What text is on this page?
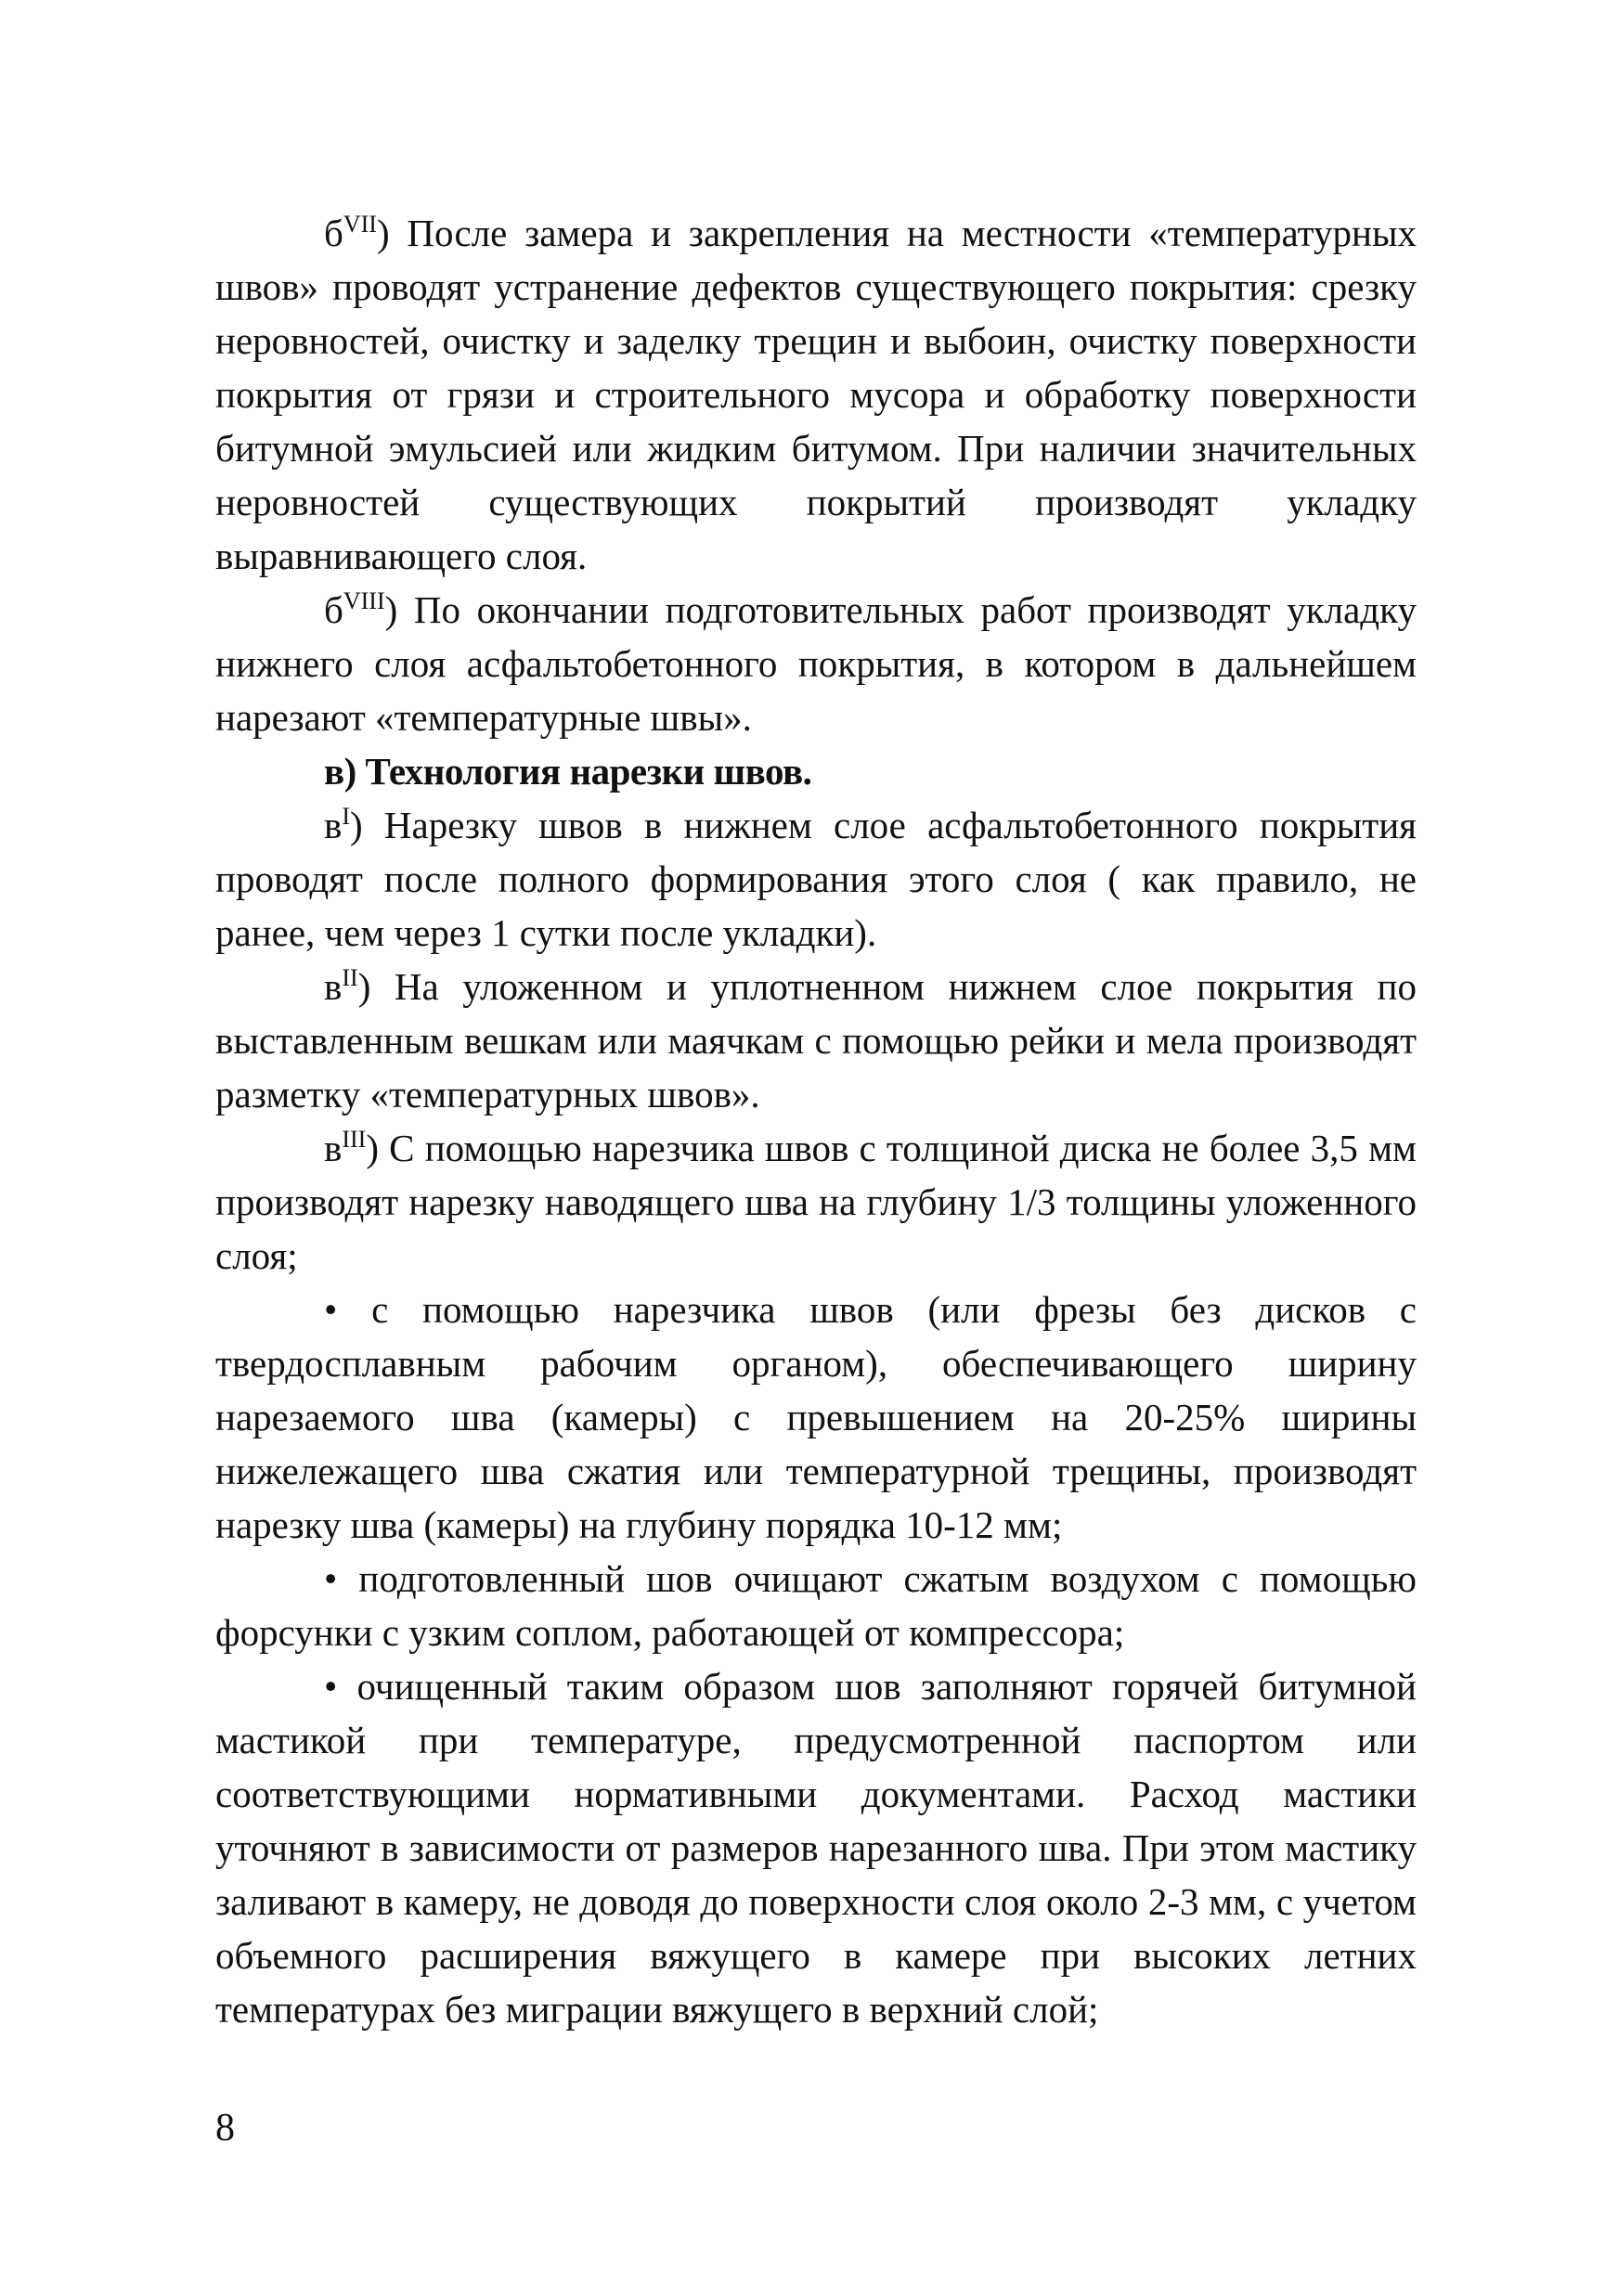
$б^{VII}$) После замера и закрепления на местности «температурных швов» проводят устранение дефектов существующего покрытия: срезку неровностей, очистку и заделку трещин и выбоин, очистку поверхности покрытия от грязи и строительного мусора и обработку поверхности битумной эмульсией или жидким битумом. При наличии значительных неровностей существующих покрытий производят укладку выравнивающего слоя.

$б^{VIII}$) По окончании подготовительных работ производят укладку нижнего слоя асфальтобетонного покрытия, в котором в дальнейшем нарезают «температурные швы».

в) Технология нарезки швов.

$в^I$) Нарезку швов в нижнем слое асфальтобетонного покрытия проводят после полного формирования этого слоя ( как правило, не ранее, чем через 1 сутки после укладки).

$в^{II}$) На уложенном и уплотненном нижнем слое покрытия по выставленным вешкам или маячкам с помощью рейки и мела производят разметку «температурных швов».

$в^{III}$) С помощью нарезчика швов с толщиной диска не более 3,5 мм производят нарезку наводящего шва на глубину 1/3 толщины уложенного слоя;

• с помощью нарезчика швов (или фрезы без дисков с твердосплавным рабочим органом), обеспечивающего ширину нарезаемого шва (камеры) с превышением на 20-25% ширины нижележащего шва сжатия или температурной трещины, производят нарезку шва (камеры) на глубину порядка 10-12 мм;

• подготовленный шов очищают сжатым воздухом с помощью форсунки с узким соплом, работающей от компрессора;

• очищенный таким образом шов заполняют горячей битумной мастикой при температуре, предусмотренной паспортом или соответствующими нормативными документами. Расход мастики уточняют в зависимости от размеров нарезанного шва. При этом мастику заливают в камеру, не доводя до поверхности слоя около 2-3 мм, с учетом объемного расширения вяжущего в камере при высоких летних температурах без миграции вяжущего в верхний слой;

8
